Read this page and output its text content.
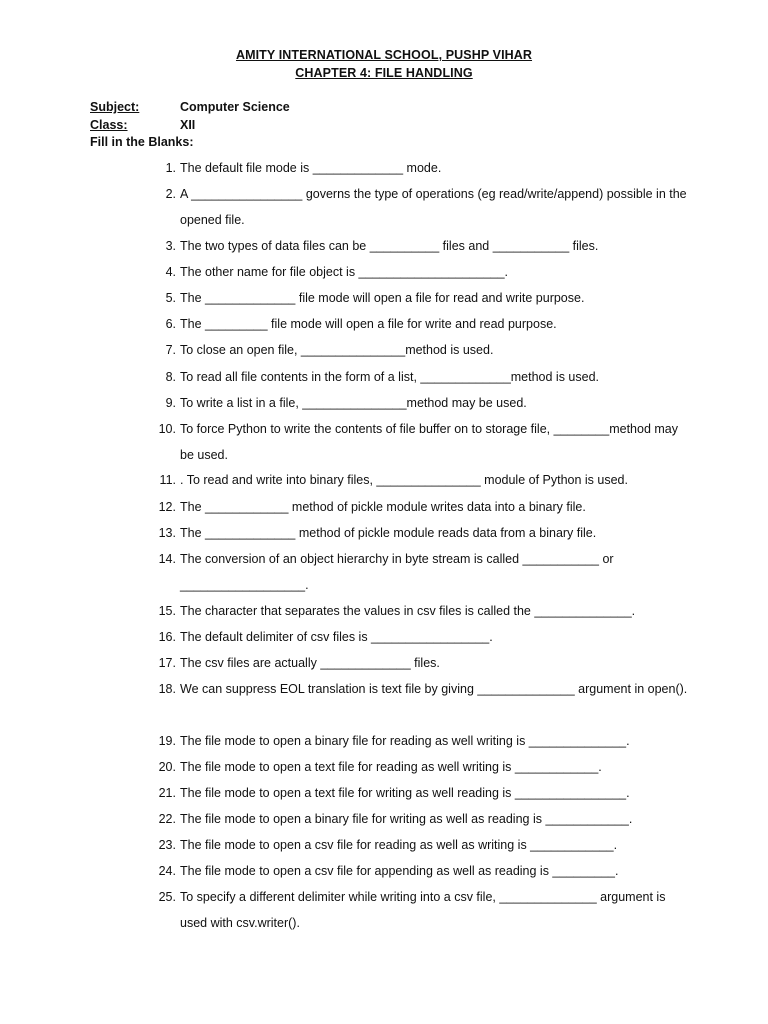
AMITY INTERNATIONAL SCHOOL, PUSHP VIHAR
CHAPTER 4: FILE HANDLING
Subject:	Computer Science
Class:	XII
Fill in the Blanks:
1. The default file mode is _____________ mode.
2. A ________________ governs the type of operations (eg read/write/append) possible in the opened file.
3. The two types of data files can be __________ files and ___________ files.
4. The other name for file object is _____________________.
5. The _____________ file mode will open a file for read and write purpose.
6. The _________ file mode will open a file for write and read purpose.
7. To close an open file, _______________method is used.
8. To read all file contents in the form of a list, _____________method is used.
9. To write a list in a file, _______________method may be used.
10. To force Python to write the contents of file buffer on to storage file, ________method may be used.
11. . To read and write into binary files, _______________ module of Python is used.
12. The ____________ method of pickle module writes data into a binary file.
13. The _____________ method of pickle module reads data from a binary file.
14. The conversion of an object hierarchy in byte stream is called ___________ or __________________.
15. The character that separates the values in csv files is called the ______________.
16. The default delimiter of csv files is _________________.
17. The csv files are actually _____________ files.
18. We can suppress EOL translation is text file by giving ______________ argument in open().
19. The file mode to open a binary file for reading as well writing is ______________.
20. The file mode to open a text file for reading as well writing is ____________.
21. The file mode to open a text file for writing as well reading is ________________.
22. The file mode to open a binary file for writing as well as reading is ____________.
23. The file mode to open a csv file for reading as well as writing is ____________.
24. The file mode to open a csv file for appending as well as reading is _________.
25. To specify a different delimiter while writing into a csv file, ______________ argument is used with csv.writer().
